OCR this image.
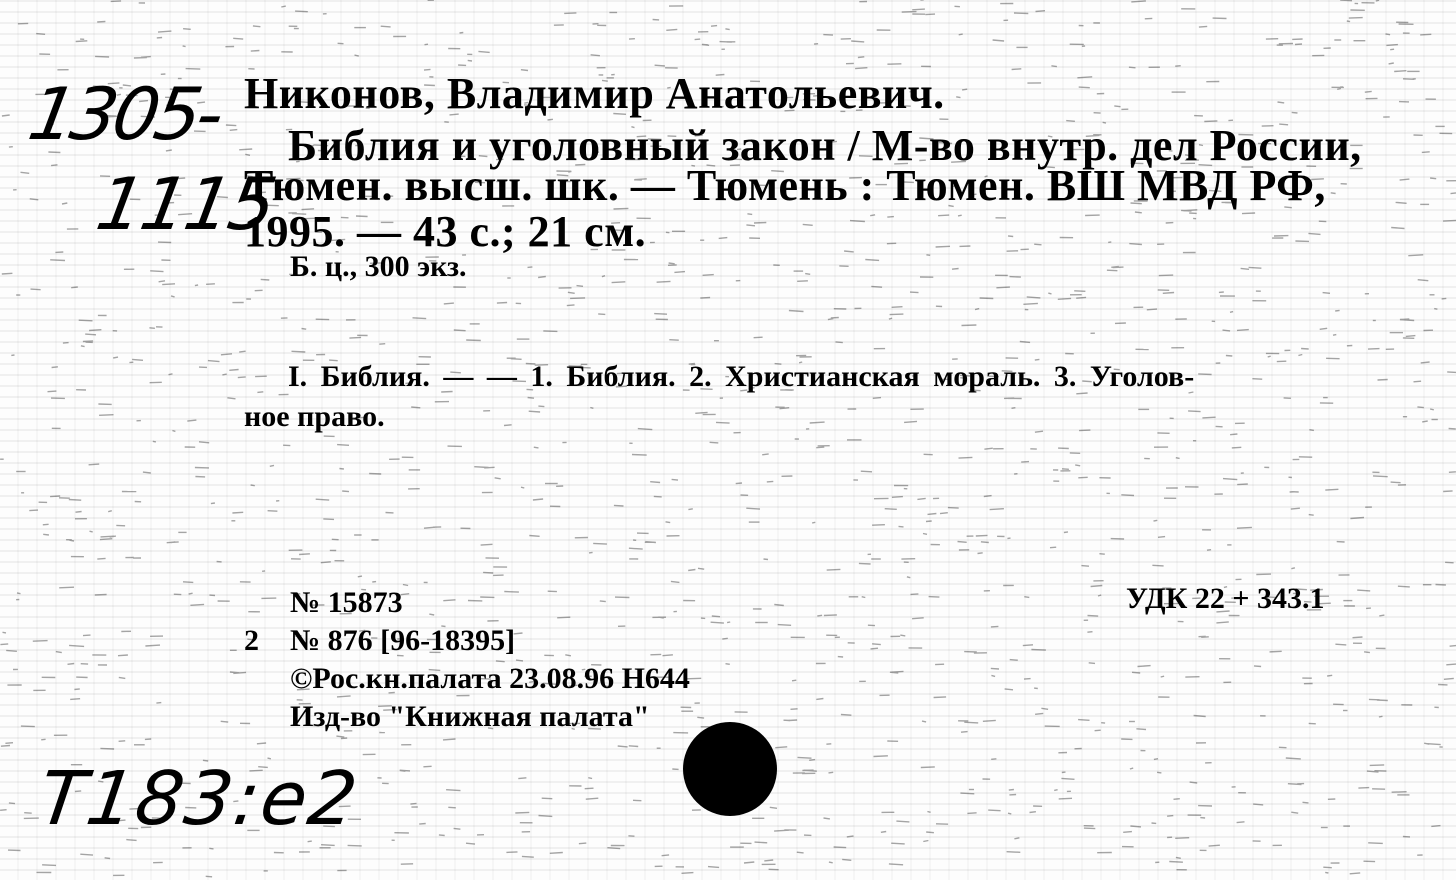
1305-
1115
Никонов, Владимир Анатольевич.
Библия и уголовный закон / М-во внутр. дел России,
Тюмен. высш. шк. — Тюмень : Тюмен. ВШ МВД РФ,
1995. — 43 с.; 21 см.
Б. ц., 300 экз.
I. Библия. — — 1. Библия. 2. Христианская мораль. 3. Уголов-
ное право.
№ 15873	УДК 22 + 343.1
2 № 876 [96-18395]
©Рос.кн.палата 23.08.96 Н644
Изд-во "Книжная палата"
T183:e2
